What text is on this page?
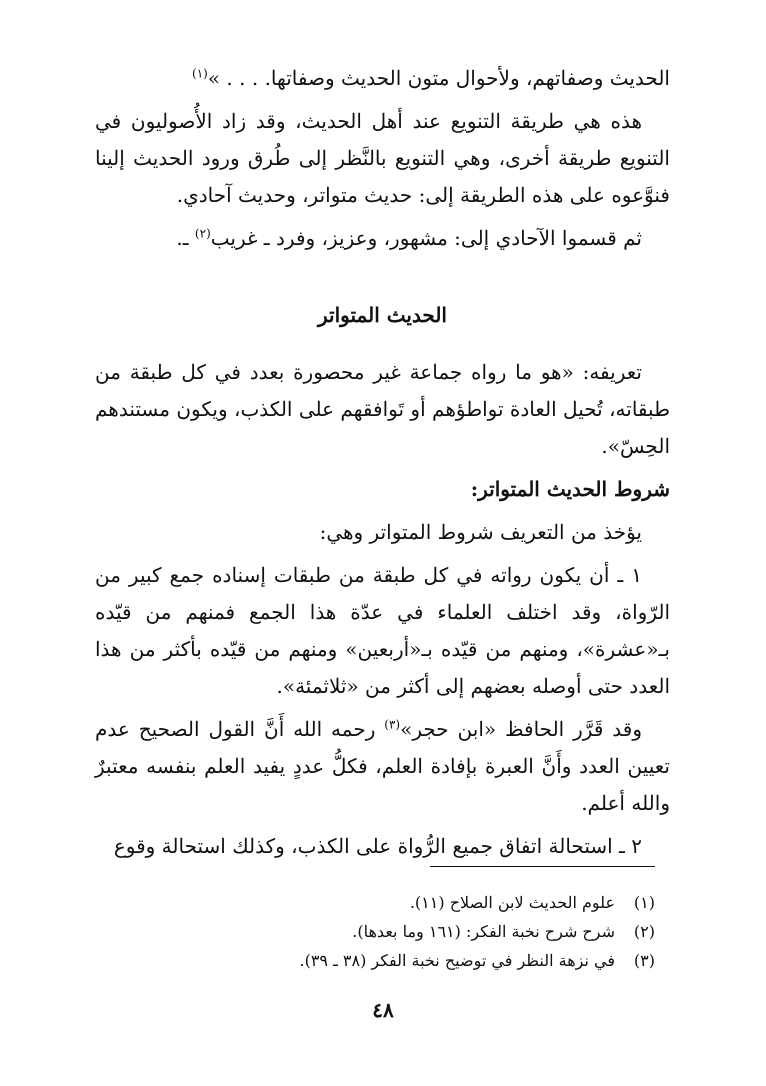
الحديث وصفاتهم، ولأحوال متون الحديث وصفاتها. . . . »$^{(١)}$

هذه هي طريقة التنويع عند أهل الحديث، وقد زاد الأُصوليون في التنويع طريقة أخرى، وهي التنويع بالنَّظر إلى طُرق ورود الحديث إلينا فنوَّعوه على هذه الطريقة إلى: حديث متواتر، وحديث آحادي.

ثم قسموا الآحادي إلى: مشهور، وعزيز، وفرد ـ غريب$^{(٢)}$ ـ.

الحديث المتواتر

تعريفه: «هو ما رواه جماعة غير محصورة بعدد في كل طبقة من طبقاته، تُحيل العادة تواطؤهم أو تَوافقهم على الكذب، ويكون مستندهم الحِسّ».

شروط الحديث المتواتر:

يؤخذ من التعريف شروط المتواتر وهي:

١ ـ أن يكون رواته في كل طبقة من طبقات إسناده جمع كبير من الرّواة، وقد اختلف العلماء في عدّة هذا الجمع فمنهم من قيّده بـ«عشرة»، ومنهم من قيّده بـ«أربعين» ومنهم من قيّده بأكثر من هذا العدد حتى أوصله بعضهم إلى أكثر من «ثلاثمئة».

وقد قَرَّر الحافظ «ابن حجر»$^{(٣)}$ رحمه الله أَنَّ القول الصحيح عدم تعيين العدد وأَنَّ العبرة بإفادة العلم، فكلُّ عددٍ يفيد العلم بنفسه معتبرٌ والله أعلم.

٢ ـ استحالة اتفاق جميع الرُّواة على الكذب، وكذلك استحالة وقوع

(١)
علوم الحديث لابن الصلاح (١١).
(٢)
شرح شرح نخبة الفكر: (١٦١ وما بعدها).
(٣)
في نزهة النظر في توضيح نخبة الفكر (٣٨ ـ ٣٩).
٤٨
